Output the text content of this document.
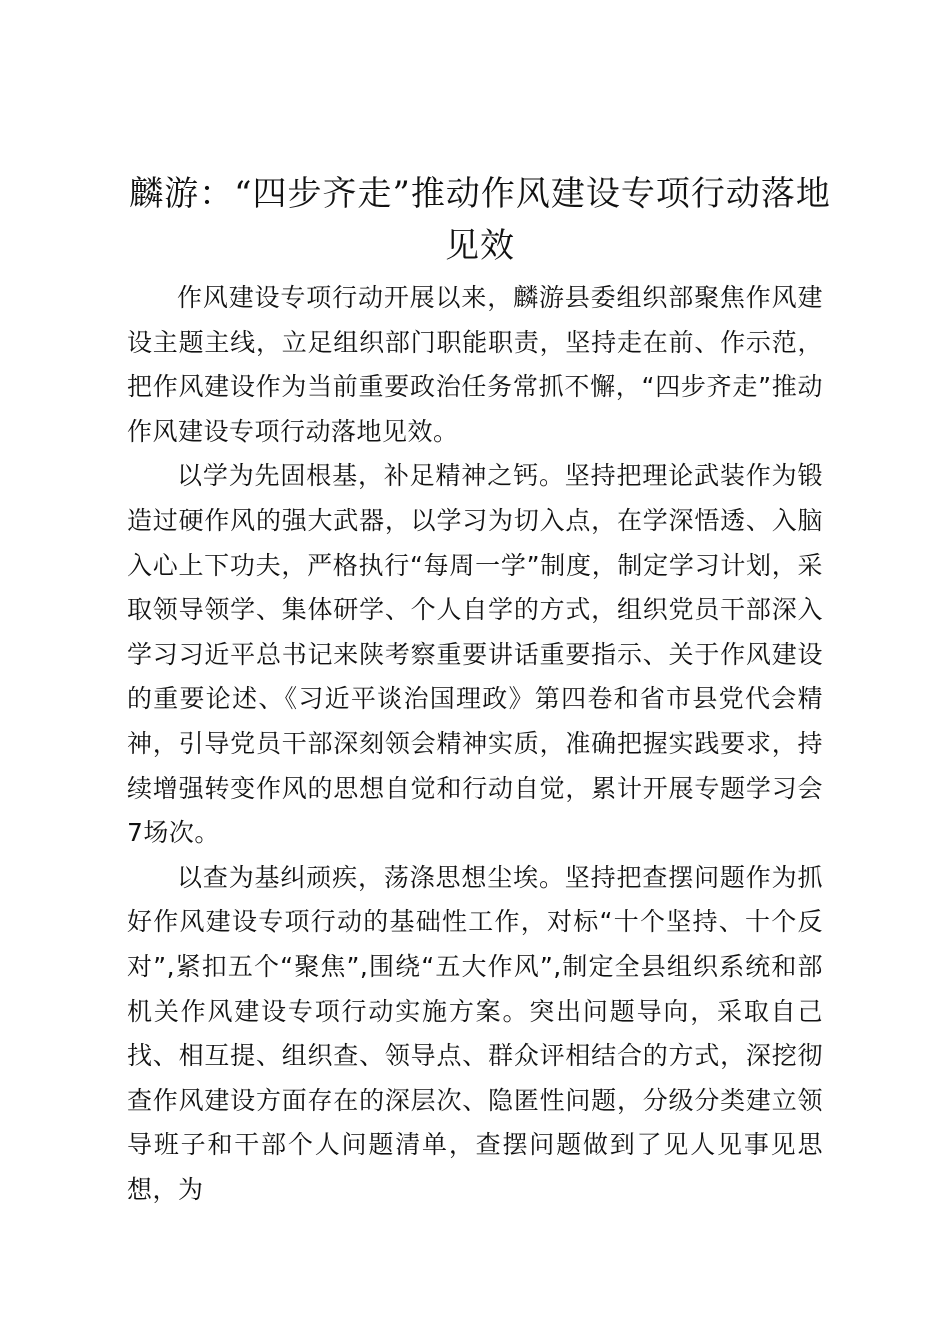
麟游：“四步齐走”推动作风建设专项行动落地见效

作风建设专项行动开展以来，麟游县委组织部聚焦作风建设主题主线，立足组织部门职能职责，坚持走在前、作示范，把作风建设作为当前重要政治任务常抓不懈，“四步齐走”推动作风建设专项行动落地见效。

以学为先固根基，补足精神之钙。坚持把理论武装作为锻造过硬作风的强大武器，以学习为切入点，在学深悟透、入脑入心上下功夫，严格执行“每周一学”制度，制定学习计划，采取领导领学、集体研学、个人自学的方式，组织党员干部深入学习习近平总书记来陕考察重要讲话重要指示、关于作风建设的重要论述、《习近平谈治国理政》第四卷和省市县党代会精神，引导党员干部深刻领会精神实质，准确把握实践要求，持续增强转变作风的思想自觉和行动自觉，累计开展专题学习会7场次。

以查为基纠顽疾，荡涤思想尘埃。坚持把查摆问题作为抓好作风建设专项行动的基础性工作，对标“十个坚持、十个反对”,紧扣五个“聚焦”,围绕“五大作风”,制定全县组织系统和部机关作风建设专项行动实施方案。突出问题导向，采取自己找、相互提、组织查、领导点、群众评相结合的方式，深挖彻查作风建设方面存在的深层次、隐匿性问题，分级分类建立领导班子和干部个人问题清单，查摆问题做到了见人见事见思想，为
